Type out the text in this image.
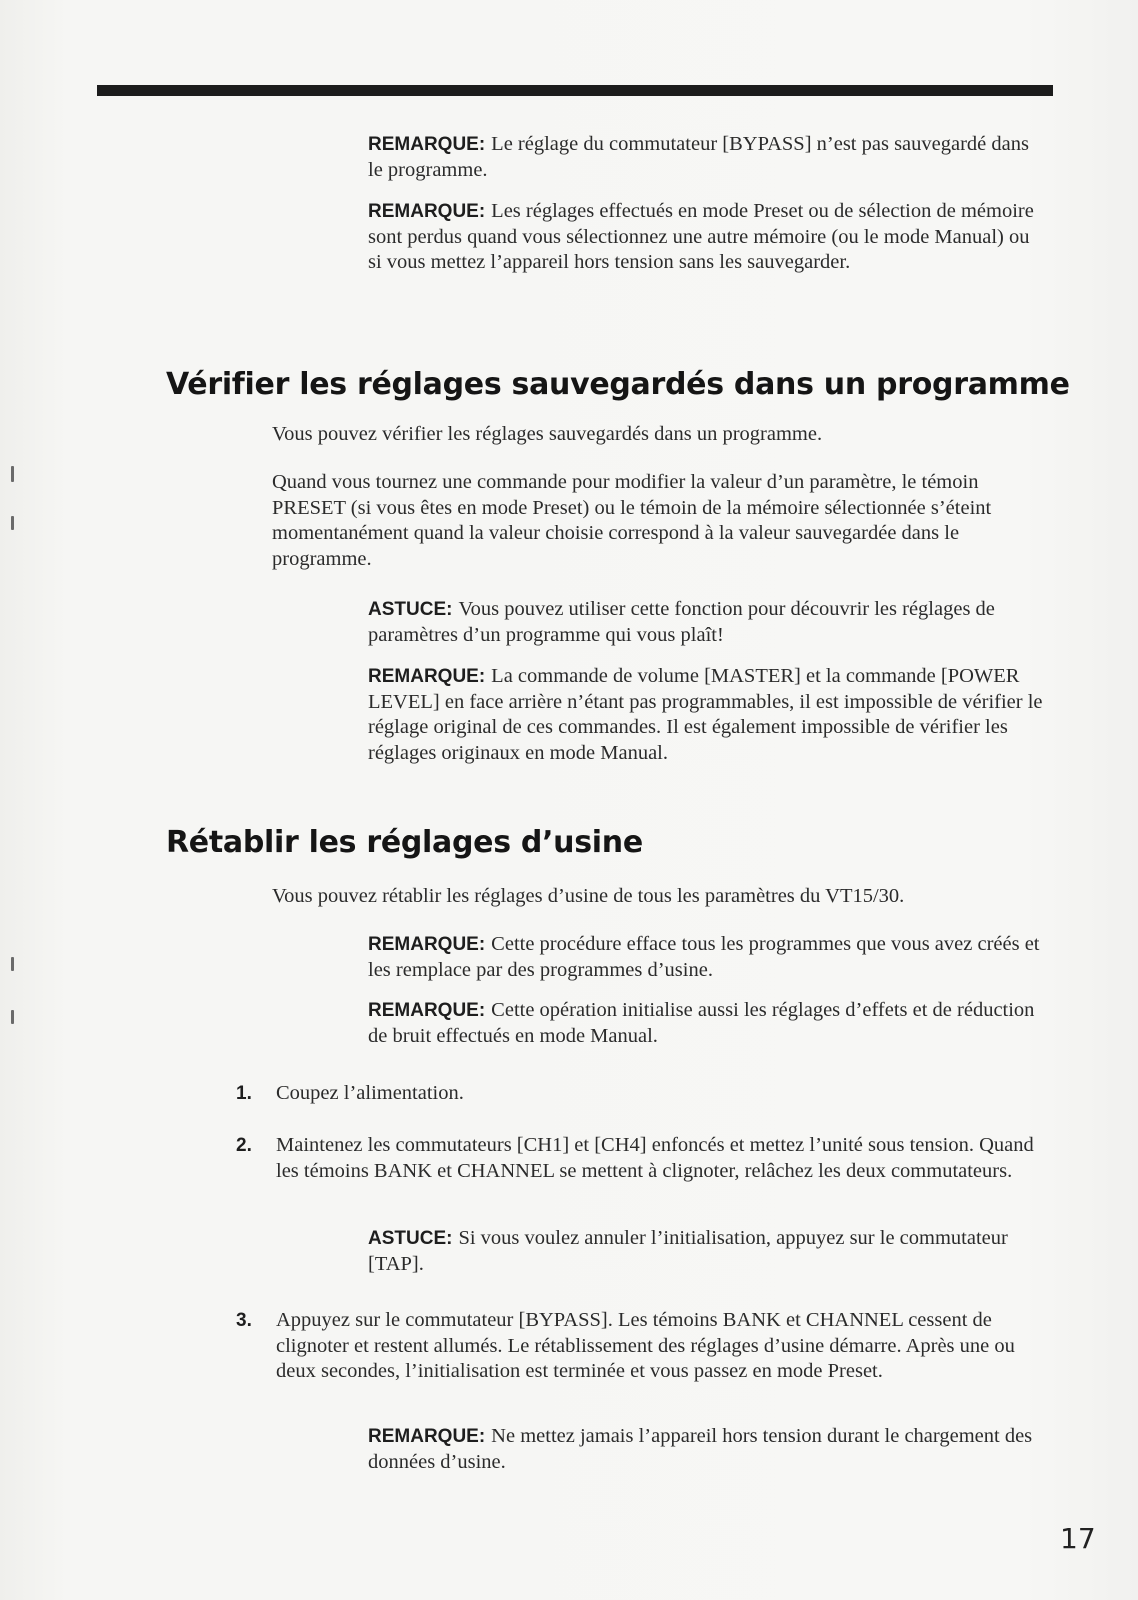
REMARQUE: Le réglage du commutateur [BYPASS] n’est pas sauvegardé dans le programme.

REMARQUE: Les réglages effectués en mode Preset ou de sélection de mémoire sont perdus quand vous sélectionnez une autre mémoire (ou le mode Manual) ou si vous mettez l’appareil hors tension sans les sauvegarder.

Vérifier les réglages sauvegardés dans un programme

Vous pouvez vérifier les réglages sauvegardés dans un programme.

Quand vous tournez une commande pour modifier la valeur d’un paramètre, le témoin PRESET (si vous êtes en mode Preset) ou le témoin de la mémoire sélectionnée s’éteint momentanément quand la valeur choisie correspond à la valeur sauvegardée dans le programme.

ASTUCE: Vous pouvez utiliser cette fonction pour découvrir les réglages de paramètres d’un programme qui vous plaît!

REMARQUE: La commande de volume [MASTER] et la commande [POWER LEVEL] en face arrière n’étant pas programmables, il est impossible de vérifier le réglage original de ces commandes. Il est également impossible de vérifier les réglages originaux en mode Manual.

Rétablir les réglages d’usine

Vous pouvez rétablir les réglages d’usine de tous les paramètres du VT15/30.

REMARQUE: Cette procédure efface tous les programmes que vous avez créés et les remplace par des programmes d’usine.

REMARQUE: Cette opération initialise aussi les réglages d’effets et de réduction de bruit effectués en mode Manual.

1. Coupez l’alimentation.
2. Maintenez les commutateurs [CH1] et [CH4] enfoncés et mettez l’unité sous tension. Quand les témoins BANK et CHANNEL se mettent à clignoter, relâchez les deux commutateurs.

ASTUCE: Si vous voulez annuler l’initialisation, appuyez sur le commutateur [TAP].

3. Appuyez sur le commutateur [BYPASS]. Les témoins BANK et CHANNEL cessent de clignoter et restent allumés. Le rétablissement des réglages d’usine démarre. Après une ou deux secondes, l’initialisation est terminée et vous passez en mode Preset.

REMARQUE: Ne mettez jamais l’appareil hors tension durant le chargement des données d’usine.

17
